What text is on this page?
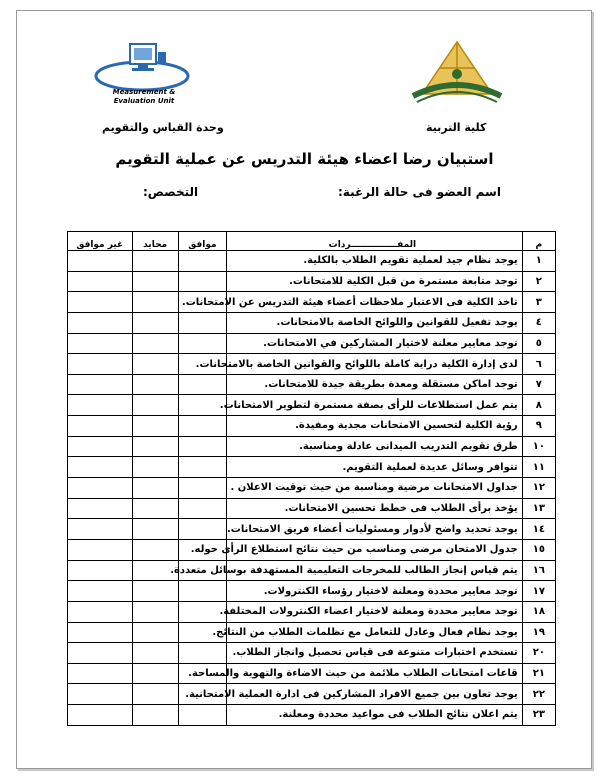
Measurement & Evaluation Unit
كلية التربية
وحدة القياس والتقويم
استبيان رضا اعضاء هيئة التدريس عن عملية التقويم
اسم العضو فى حالة الرغبة:
التخصص:
م	المفـــــــــــــــردات	موافق	محايد	غير موافق
١	يوجد نظام جيد لعملية تقويم الطلاب بالكلية.			
٢	توجد متابعة مستمرة من قبل الكلية للامتحانات.			
٣	تاخذ الكلية فى الاعتبار ملاحظات أعضاء هيئة التدريس عن الامتحانات.			
٤	يوجد تفعيل للقوانين واللوائح الخاصة بالامتحانات.			
٥	توجد معايير معلنة لاختيار المشاركين في الامتحانات.			
٦	لدى إدارة الكلية دراية كاملة باللوائح والقوانين الخاصة بالامتحانات.			
٧	توجد اماكن مستقلة ومعدة بطريقة جيدة للامتحانات.			
٨	يتم عمل استطلاعات للرأى بصفة مستمرة لتطوير الامتحانات.			
٩	رؤية الكلية لتحسين الامتحانات مجدية ومفيدة.			
١٠	طرق تقويم التدريب الميدانى عادلة ومناسبة.			
١١	تتوافر وسائل عديدة لعملية التقويم.			
١٢	جداول الامتحانات مرضية ومناسبة من حيث توقيت الاعلان .			
١٣	يؤخذ برأى الطلاب فى خطط تحسين الامتحانات.			
١٤	يوجد تحديد واضح لأدوار ومسئوليات أعضاء فريق الامتحانات.			
١٥	جدول الامتحان مرضى ومناسب من حيث نتائج استطلاع الرأى حوله.			
١٦	يتم قياس إنجاز الطالب للمخرجات التعليمية المستهدفة بوسائل متعددة.			
١٧	توجد معايير محددة ومعلنة لاختيار رؤساء الكنترولات.			
١٨	توجد معايير محددة ومعلنة لاختيار اعضاء الكنترولات المختلفة.			
١٩	يوجد نظام فعال وعادل للتعامل مع تظلمات الطلاب من النتائج.			
٢٠	تستخدم اختبارات متنوعة فى قياس تحصيل وانجاز الطلاب.			
٢١	قاعات امتحانات الطلاب ملائمة من حيث الاضاءة والتهوية والمساحة.			
٢٢	يوجد تعاون بين جميع الافراد المشاركين فى ادارة العملية الامتحانية.			
٢٣	يتم اعلان نتائج الطلاب فى مواعيد محددة ومعلنة.			
